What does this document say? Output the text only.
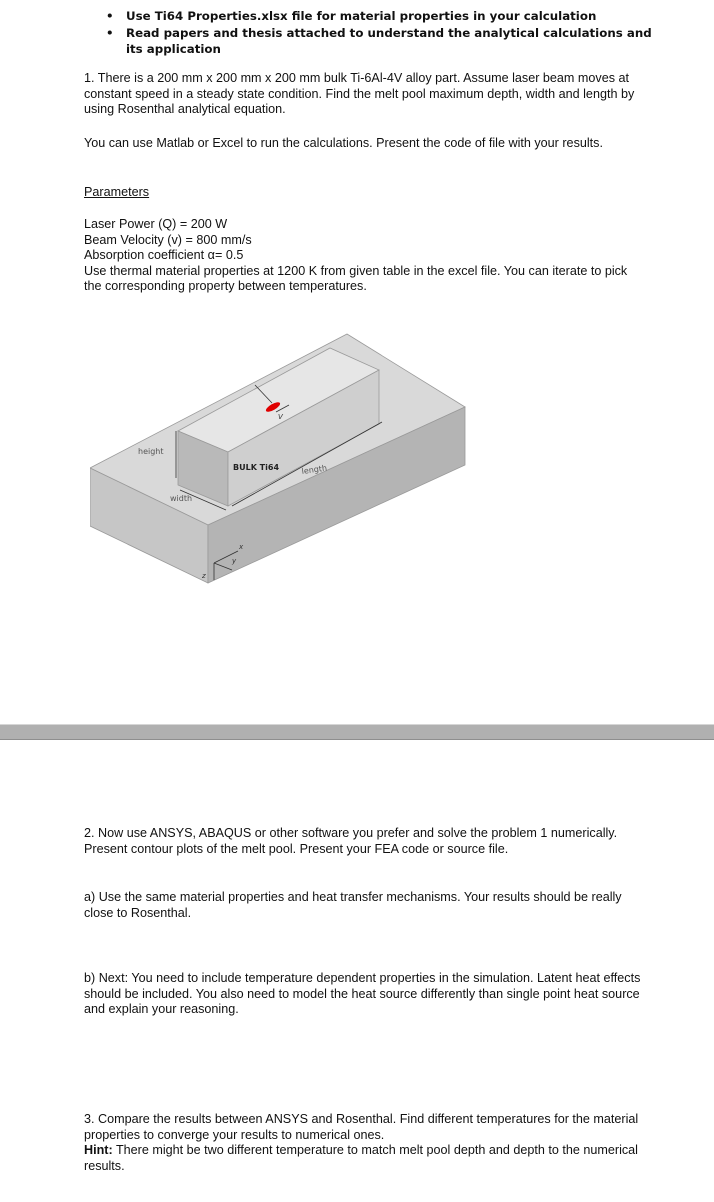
• Use Ti64 Properties.xlsx file for material properties in your calculation
• Read papers and thesis attached to understand the analytical calculations and its application

1. There is a 200 mm x 200 mm x 200 mm bulk Ti-6Al-4V alloy part. Assume laser beam moves at constant speed in a steady state condition. Find the melt pool maximum depth, width and length by using Rosenthal analytical equation.

You can use Matlab or Excel to run the calculations. Present the code of file with your results.

Parameters

Laser Power (Q) = 200 W

Beam Velocity (v) = 800 mm/s

Absorption coefficient α= 0.5

Use thermal material properties at 1200 K from given table in the excel file. You can iterate to pick the corresponding property between temperatures.

V
height
width
length
BULK Ti64
x
y
z

2. Now use ANSYS, ABAQUS or other software you prefer and solve the problem 1 numerically. Present contour plots of the melt pool. Present your FEA code or source file.

a) Use the same material properties and heat transfer mechanisms. Your results should be really close to Rosenthal.

b) Next: You need to include temperature dependent properties in the simulation. Latent heat effects should be included. You also need to model the heat source differently than single point heat source and explain your reasoning.

3. Compare the results between ANSYS and Rosenthal. Find different temperatures for the material properties to converge your results to numerical ones.

Hint: There might be two different temperature to match melt pool depth and depth to the numerical results.
